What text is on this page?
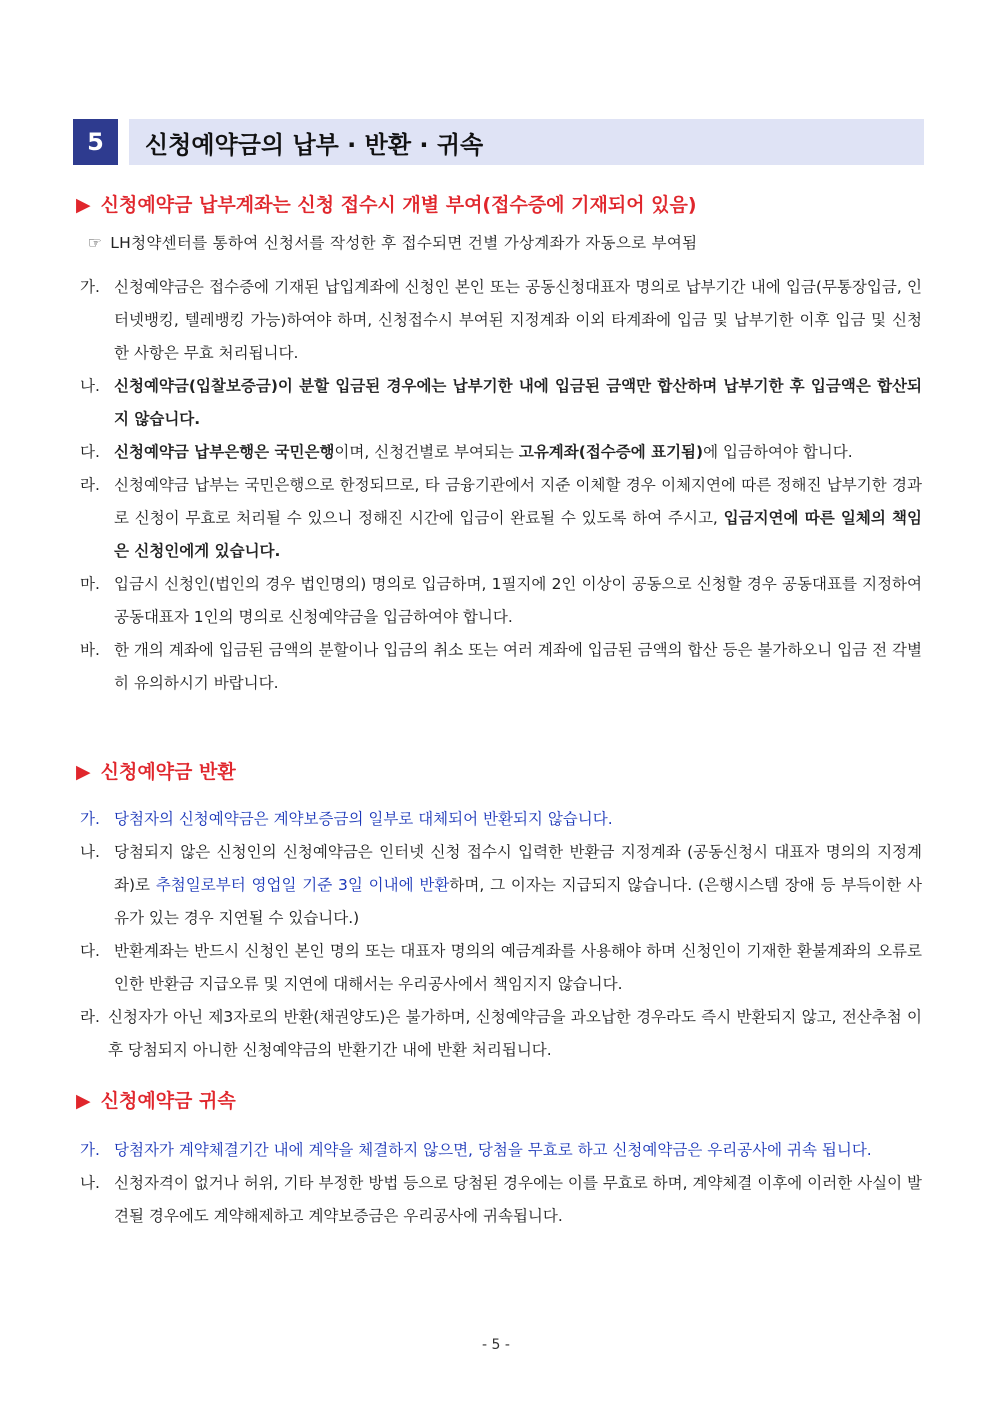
5	신청예약금의 납부 · 반환 · 귀속
▶ 신청예약금 납부계좌는 신청 접수시 개별 부여(접수증에 기재되어 있음)
☞ LH청약센터를 통하여 신청서를 작성한 후 접수되면 건별 가상계좌가 자동으로 부여됨
가. 신청예약금은 접수증에 기재된 납입계좌에 신청인 본인 또는 공동신청대표자 명의로 납부기간 내에 입금(무통장입금, 인터넷뱅킹, 텔레뱅킹 가능)하여야 하며, 신청접수시 부여된 지정계좌 이외 타계좌에 입금 및 납부기한 이후 입금 및 신청한 사항은 무효 처리됩니다.
나. 신청예약금(입찰보증금)이 분할 입금된 경우에는 납부기한 내에 입금된 금액만 합산하며 납부기한 후 입금액은 합산되지 않습니다.
다. 신청예약금 납부은행은 국민은행이며, 신청건별로 부여되는 고유계좌(접수증에 표기됨)에 입금하여야 합니다.
라. 신청예약금 납부는 국민은행으로 한정되므로, 타 금융기관에서 지준 이체할 경우 이체지연에 따른 정해진 납부기한 경과로 신청이 무효로 처리될 수 있으니 정해진 시간에 입금이 완료될 수 있도록 하여 주시고, 입금지연에 따른 일체의 책임은 신청인에게 있습니다.
마. 입금시 신청인(법인의 경우 법인명의) 명의로 입금하며, 1필지에 2인 이상이 공동으로 신청할 경우 공동대표를 지정하여 공동대표자 1인의 명의로 신청예약금을 입금하여야 합니다.
바. 한 개의 계좌에 입금된 금액의 분할이나 입금의 취소 또는 여러 계좌에 입금된 금액의 합산 등은 불가하오니 입금 전 각별히 유의하시기 바랍니다.
▶ 신청예약금 반환
가. 당첨자의 신청예약금은 계약보증금의 일부로 대체되어 반환되지 않습니다.
나. 당첨되지 않은 신청인의 신청예약금은 인터넷 신청 접수시 입력한 반환금 지정계좌 (공동신청시 대표자 명의의 지정계좌)로 추첨일로부터 영업일 기준 3일 이내에 반환하며, 그 이자는 지급되지 않습니다. (은행시스템 장애 등 부득이한 사유가 있는 경우 지연될 수 있습니다.)
다. 반환계좌는 반드시 신청인 본인 명의 또는 대표자 명의의 예금계좌를 사용해야 하며 신청인이 기재한 환불계좌의 오류로 인한 반환금 지급오류 및 지연에 대해서는 우리공사에서 책임지지 않습니다.
라. 신청자가 아닌 제3자로의 반환(채권양도)은 불가하며, 신청예약금을 과오납한 경우라도 즉시 반환되지 않고, 전산추첨 이후 당첨되지 아니한 신청예약금의 반환기간 내에 반환 처리됩니다.
▶ 신청예약금 귀속
가. 당첨자가 계약체결기간 내에 계약을 체결하지 않으면, 당첨을 무효로 하고 신청예약금은 우리공사에 귀속 됩니다.
나. 신청자격이 없거나 허위, 기타 부정한 방법 등으로 당첨된 경우에는 이를 무효로 하며, 계약체결 이후에 이러한 사실이 발견될 경우에도 계약해제하고 계약보증금은 우리공사에 귀속됩니다.
- 5 -
